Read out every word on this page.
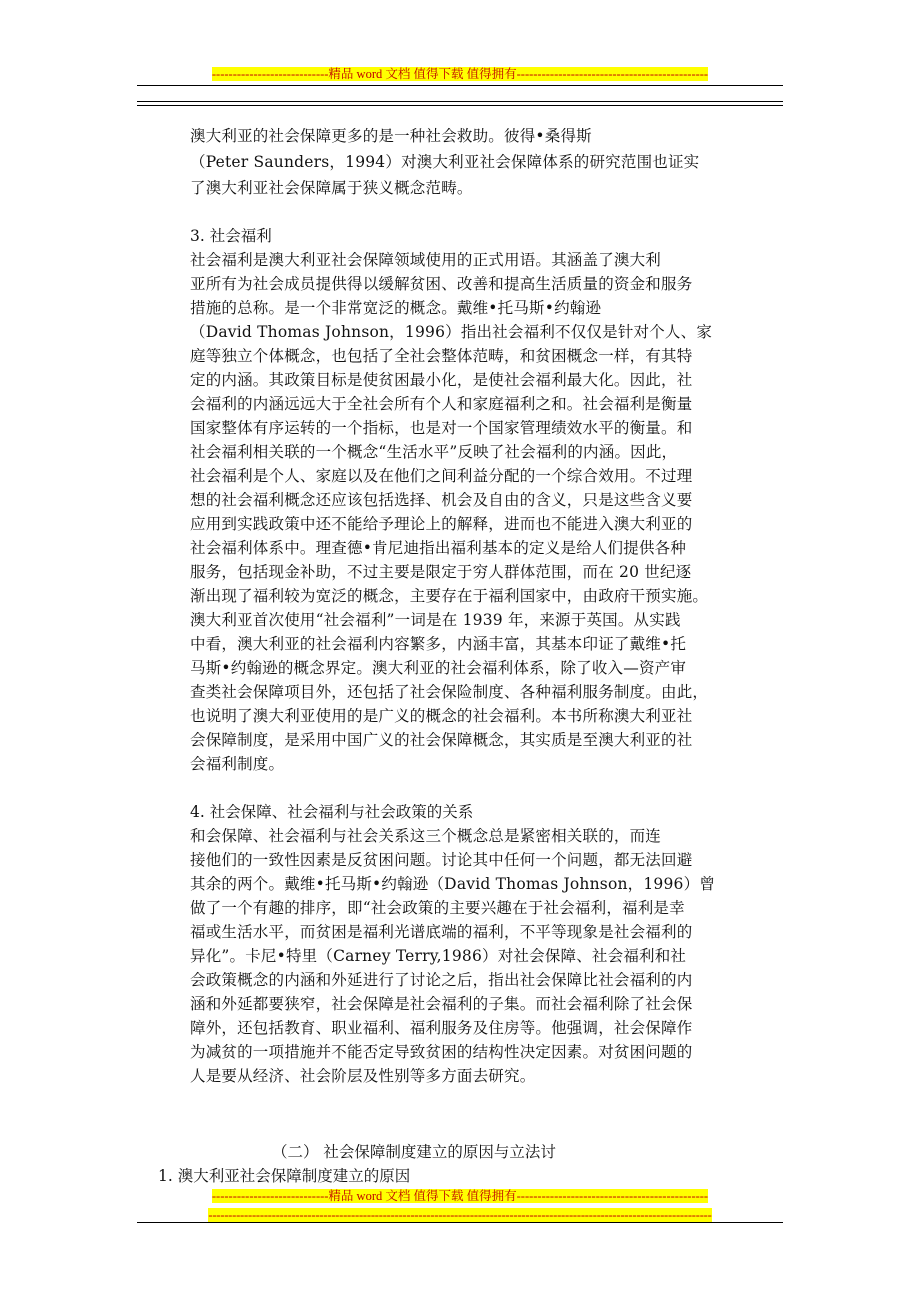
----------------------------精品 word 文档 值得下载 值得拥有----------------------------------------------
澳大利亚的社会保障更多的是一种社会救助。彼得•桑得斯
（Peter Saunders，1994）对澳大利亚社会保障体系的研究范围也证实
了澳大利亚社会保障属于狭义概念范畴。
3. 社会福利
社会福利是澳大利亚社会保障领域使用的正式用语。其涵盖了澳大利
亚所有为社会成员提供得以缓解贫困、改善和提高生活质量的资金和服务
措施的总称。是一个非常宽泛的概念。戴维•托马斯•约翰逊
（David Thomas Johnson，1996）指出社会福利不仅仅是针对个人、家
庭等独立个体概念，也包括了全社会整体范畴，和贫困概念一样，有其特
定的内涵。其政策目标是使贫困最小化，是使社会福利最大化。因此，社
会福利的内涵远远大于全社会所有个人和家庭福利之和。社会福利是衡量
国家整体有序运转的一个指标，也是对一个国家管理绩效水平的衡量。和
社会福利相关联的一个概念“生活水平”反映了社会福利的内涵。因此，
社会福利是个人、家庭以及在他们之间利益分配的一个综合效用。不过理
想的社会福利概念还应该包括选择、机会及自由的含义，只是这些含义要
应用到实践政策中还不能给予理论上的解释，进而也不能进入澳大利亚的
社会福利体系中。理查德•肯尼迪指出福利基本的定义是给人们提供各种
服务，包括现金补助，不过主要是限定于穷人群体范围，而在 20 世纪逐
渐出现了福利较为宽泛的概念，主要存在于福利国家中，由政府干预实施。
澳大利亚首次使用“社会福利”一词是在 1939 年，来源于英国。从实践
中看，澳大利亚的社会福利内容繁多，内涵丰富，其基本印证了戴维•托
马斯•约翰逊的概念界定。澳大利亚的社会福利体系，除了收入—资产审
查类社会保障项目外，还包括了社会保险制度、各种福利服务制度。由此，
也说明了澳大利亚使用的是广义的概念的社会福利。本书所称澳大利亚社
会保障制度，是采用中国广义的社会保障概念，其实质是至澳大利亚的社
会福利制度。
4. 社会保障、社会福利与社会政策的关系
和会保障、社会福利与社会关系这三个概念总是紧密相关联的，而连
接他们的一致性因素是反贫困问题。讨论其中任何一个问题，都无法回避
其余的两个。戴维•托马斯•约翰逊（David Thomas Johnson，1996）曾
做了一个有趣的排序，即“社会政策的主要兴趣在于社会福利，福利是幸
福或生活水平，而贫困是福利光谱底端的福利，不平等现象是社会福利的
异化”。卡尼•特里（Carney Terry,1986）对社会保障、社会福利和社
会政策概念的内涵和外延进行了讨论之后，指出社会保障比社会福利的内
涵和外延都要狭窄，社会保障是社会福利的子集。而社会福利除了社会保
障外，还包括教育、职业福利、福利服务及住房等。他强调，社会保障作
为减贫的一项措施并不能否定导致贫困的结构性决定因素。对贫困问题的
人是要从经济、社会阶层及性别等多方面去研究。
（二） 社会保障制度建立的原因与立法讨
1. 澳大利亚社会保障制度建立的原因
----------------------------精品 word 文档 值得下载 值得拥有----------------------------------------------
-------------------------------------------------------------------------------------------------------------------------------
